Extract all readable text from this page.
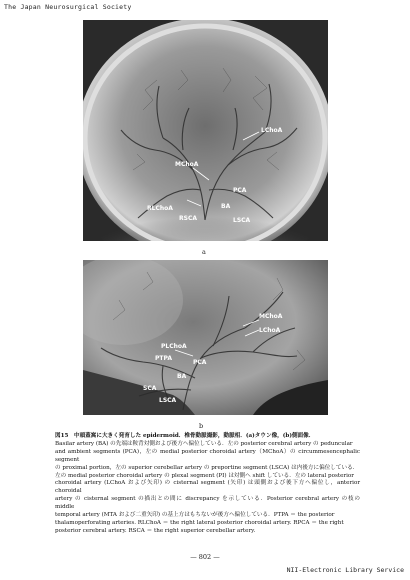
The Japan Neurosurgical Society
LChoA
MChoA
PCA
BA
RSCA	LSCA
RLChoA
a
MChoA
LChoA
PLChoA
PCA
PTPA
BA
SCA
LSCA
b

図15　中頭蓋窩に大きく発育した epidermoid．椎骨動脈撮影，動脈相．(a)タウン像，(b)側面像．

Basilar artery (BA) の先端は鞍背対側および後方へ偏位している．左の posterior cerebral artery の peduncular

and ambient segments (PCA)，左の medial posterior choroidal artery（MChoA）の circummesencephalic segment

の proximal portion，左の superior cerebellar artery の preportine segment (LSCA) は内後方に偏位している．

左の medial posterior choroidal artery の plexal segment (PI) は対側へ shift している．左の lateral posterior

choroidal artery (LChoA および矢印) の cisternal segment (矢印) は頭側および後下方へ偏位し，anterior choroidal

artery の cisternal segment の描出との間に discrepancy を示している．Posterior cerebral artery の枝の middle

temporal artery (MTA および二重矢印) の基上方はもちないが後方へ偏位している．PTPA ＝ the posterior

thalamoperforating arteries. RLChoA ＝ the right lateral posterior choroidal artery. RPCA ＝ the right

posterior cerebral artery. RSCA ＝ the right superior cerebellar artery.

— 802 —
NII-Electronic Library Service
